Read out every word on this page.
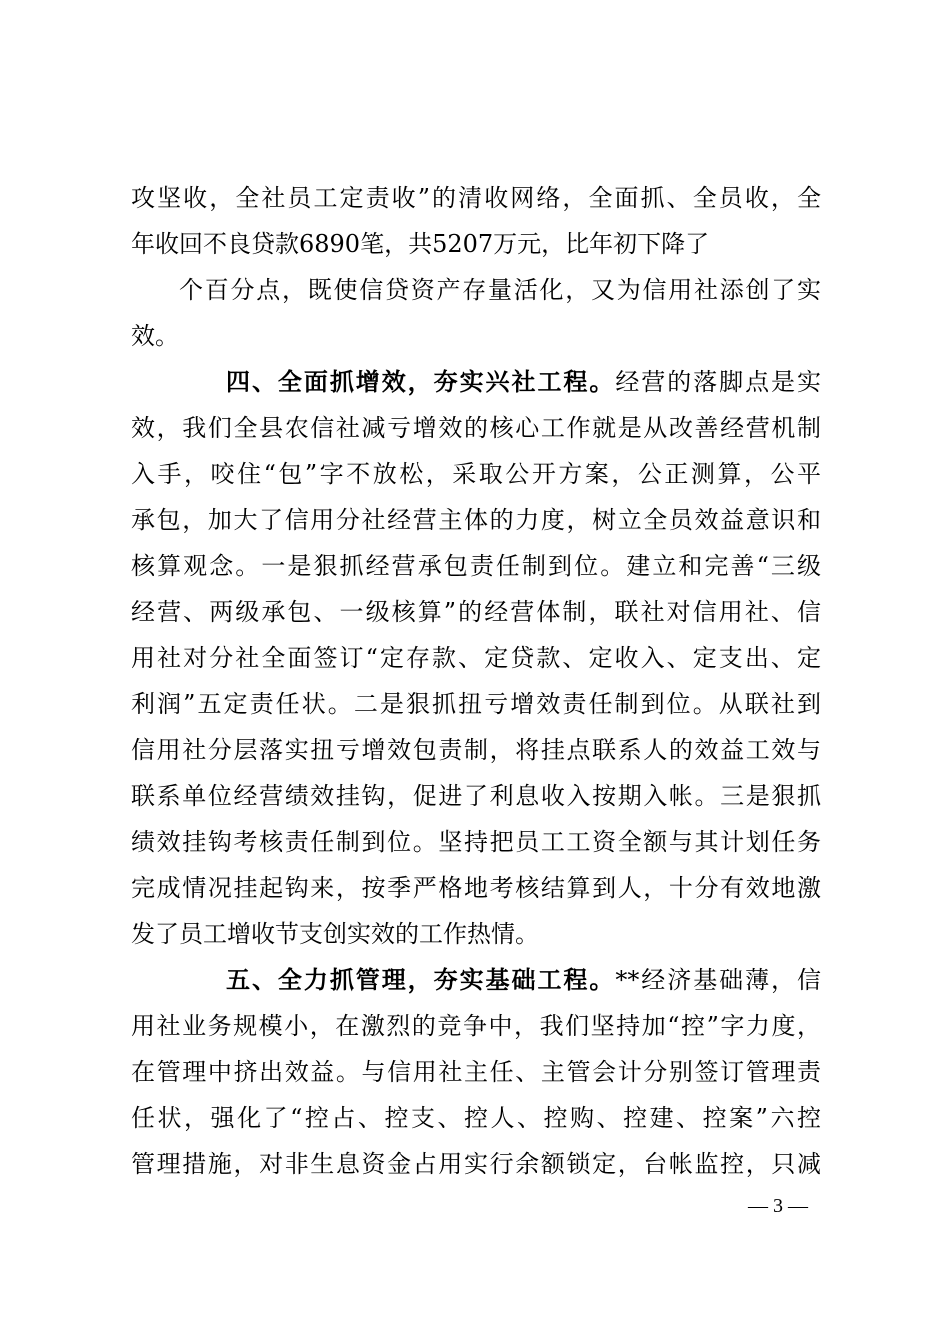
攻坚收，全社员工定责收”的清收网络，全面抓、全员收，全
年收回不良贷款6890笔，共5207万元，比年初下降了
个百分点，既使信贷资产存量活化，又为信用社添创了实
效。
四、全面抓增效，夯实兴社工程。经营的落脚点是实
效，我们全县农信社减亏增效的核心工作就是从改善经营机制
入手，咬住“包”字不放松，采取公开方案，公正测算，公平
承包，加大了信用分社经营主体的力度，树立全员效益意识和
核算观念。一是狠抓经营承包责任制到位。建立和完善“三级
经营、两级承包、一级核算”的经营体制，联社对信用社、信
用社对分社全面签订“定存款、定贷款、定收入、定支出、定
利润”五定责任状。二是狠抓扭亏增效责任制到位。从联社到
信用社分层落实扭亏增效包责制，将挂点联系人的效益工效与
联系单位经营绩效挂钩，促进了利息收入按期入帐。三是狠抓
绩效挂钩考核责任制到位。坚持把员工工资全额与其计划任务
完成情况挂起钩来，按季严格地考核结算到人，十分有效地激
发了员工增收节支创实效的工作热情。
五、全力抓管理，夯实基础工程。**经济基础薄，信
用社业务规模小，在激烈的竞争中，我们坚持加“控”字力度，
在管理中挤出效益。与信用社主任、主管会计分别签订管理责
任状，强化了“控占、控支、控人、控购、控建、控案”六控
管理措施，对非生息资金占用实行余额锁定，台帐监控，只减
— 3 —
